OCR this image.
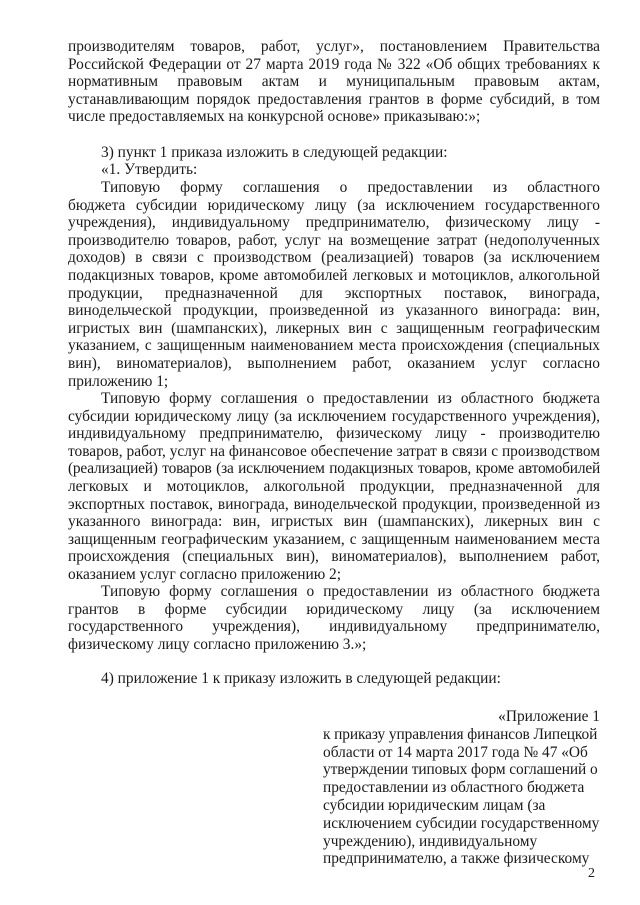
производителям товаров, работ, услуг», постановлением Правительства
Российской Федерации от 27 марта 2019 года № 322 «Об общих требованиях к
нормативным правовым актам и муниципальным правовым актам,
устанавливающим порядок предоставления грантов в форме субсидий, в том
числе предоставляемых на конкурсной основе» приказываю:»;
3) пункт 1 приказа изложить в следующей редакции:
«1. Утвердить:
Типовую форму соглашения о предоставлении из областного
бюджета субсидии юридическому лицу (за исключением государственного
учреждения), индивидуальному предпринимателю, физическому лицу -
производителю товаров, работ, услуг на возмещение затрат (недополученных
доходов) в связи с производством (реализацией) товаров (за исключением
подакцизных товаров, кроме автомобилей легковых и мотоциклов, алкогольной
продукции, предназначенной для экспортных поставок, винограда,
винодельческой продукции, произведенной из указанного винограда: вин,
игристых вин (шампанских), ликерных вин с защищенным географическим
указанием, с защищенным наименованием места происхождения (специальных
вин), виноматериалов), выполнением работ, оказанием услуг согласно
приложению 1;
Типовую форму соглашения о предоставлении из областного бюджета
субсидии юридическому лицу (за исключением государственного учреждения),
индивидуальному предпринимателю, физическому лицу - производителю
товаров, работ, услуг на финансовое обеспечение затрат в связи с производством
(реализацией) товаров (за исключением подакцизных товаров, кроме автомобилей
легковых и мотоциклов, алкогольной продукции, предназначенной для
экспортных поставок, винограда, винодельческой продукции, произведенной из
указанного винограда: вин, игристых вин (шампанских), ликерных вин с
защищенным географическим указанием, с защищенным наименованием места
происхождения (специальных вин), виноматериалов), выполнением работ,
оказанием услуг согласно приложению 2;
Типовую форму соглашения о предоставлении из областного бюджета
грантов в форме субсидии юридическому лицу (за исключением
государственного учреждения), индивидуальному предпринимателю,
физическому лицу согласно приложению 3.»;
4) приложение 1 к приказу изложить в следующей редакции:
«Приложение 1
к приказу управления финансов Липецкой
области от 14 марта 2017 года № 47 «Об
утверждении типовых форм соглашений о
предоставлении из областного бюджета
субсидии юридическим лицам (за
исключением субсидии государственному
учреждению), индивидуальному
предпринимателю, а также физическому
2
